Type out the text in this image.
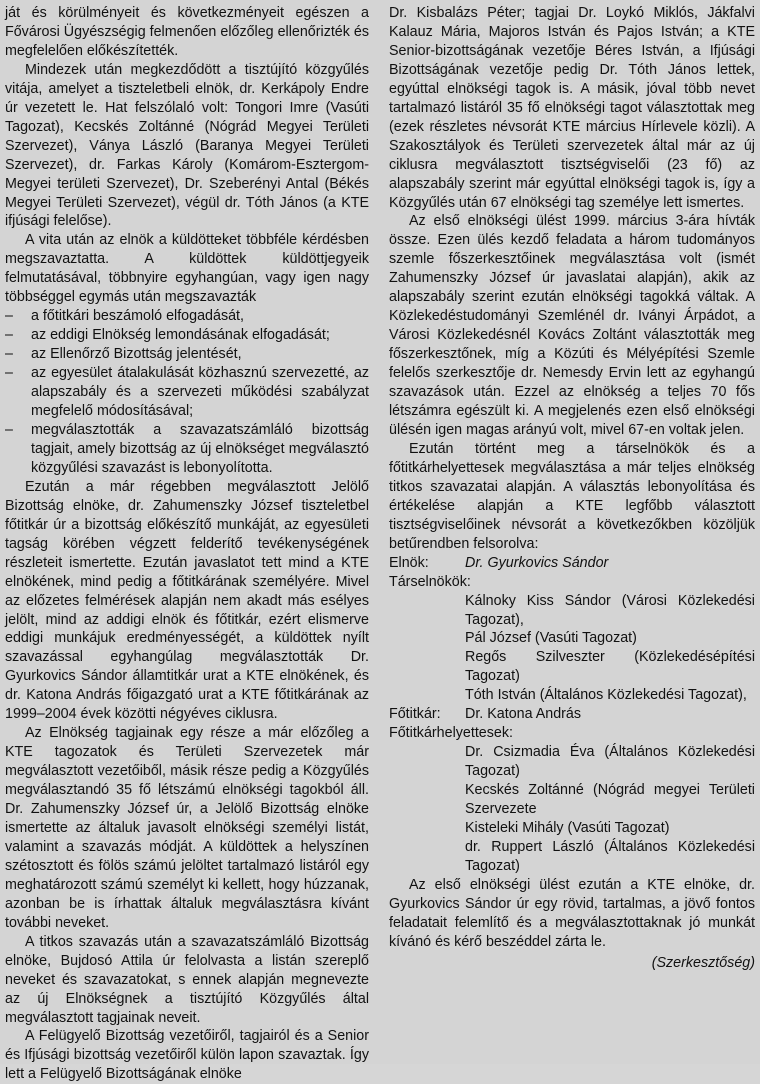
ját és körülményeit és következményeit egészen a Fővárosi Ügyészségig felmenően előzőleg ellenőrizték és megfelelően előkészítették.

Mindezek után megkezdődött a tisztújító közgyűlés vitája, amelyet a tiszteletbeli elnök, dr. Kerkápoly Endre úr vezetett le. Hat felszólaló volt: Tongori Imre (Vasúti Tagozat), Kecskés Zoltánné (Nógrád Megyei Területi Szervezet), Ványa László (Baranya Megyei Területi Szervezet), dr. Farkas Károly (Komárom-Esztergom-Megyei területi Szervezet), Dr. Szeberényi Antal (Békés Megyei Területi Szervezet), végül dr. Tóth János (a KTE ifjúsági felelőse).

A vita után az elnök a küldötteket többféle kérdésben megszavaztatta. A küldöttek küldöttjegyeik felmutatásával, többnyire egyhangúan, vagy igen nagy többséggel egymás után megszavazták

– a főtitkári beszámoló elfogadását,
– az eddigi Elnökség lemondásának elfogadását;
– az Ellenőrző Bizottság jelentését,
– az egyesület átalakulását közhasznú szervezetté, az alapszabály és a szervezeti működési szabályzat megfelelő módosításával;
– megválasztották a szavazatszámláló bizottság tagjait, amely bizottság az új elnökséget megválasztó közgyűlési szavazást is lebonyolította.

Ezután a már régebben megválasztott Jelölő Bizottság elnöke, dr. Zahumenszky József tiszteletbel főtitkár úr a bizottság előkészítő munkáját, az egyesületi tagság körében végzett felderítő tevékenységének részleteit ismertette. Ezután javaslatot tett mind a KTE elnökének, mind pedig a főtitkárának személyére. Mivel az előzetes felmérések alapján nem akadt más esélyes jelölt, mind az addigi elnök és főtitkár, ezért elismerve eddigi munkájuk eredményességét, a küldöttek nyílt szavazással egyhangúlag megválasztották Dr. Gyurkovics Sándor államtitkár urat a KTE elnökének, és dr. Katona András főigazgató urat a KTE főtitkárának az 1999–2004 évek közötti négyéves ciklusra.

Az Elnökség tagjainak egy része a már előzőleg a KTE tagozatok és Területi Szervezetek már megválasztott vezetőiből, másik része pedig a Közgyűlés megválasztandó 35 fő létszámú elnökségi tagokból áll. Dr. Zahumenszky József úr, a Jelölő Bizottság elnöke ismertette az általuk javasolt elnökségi személyi listát, valamint a szavazás módját. A küldöttek a helyszínen szétosztott és fölös számú jelöltet tartalmazó listáról egy meghatározott számú személyt ki kellett, hogy húzzanak, azonban be is írhattak általuk megválasztásra kívánt további neveket.

A titkos szavazás után a szavazatszámláló Bizottság elnöke, Bujdosó Attila úr felolvasta a listán szereplő neveket és szavazatokat, s ennek alapján megnevezte az új Elnökségnek a tisztújító Közgyűlés által megválasztott tagjainak neveit.

A Felügyelő Bizottság vezetőiről, tagjairól és a Senior és Ifjúsági bizottság vezetőiről külön lapon szavaztak. Így lett a Felügyelő Bizottságának elnöke

Dr. Kisbalázs Péter; tagjai Dr. Loykó Miklós, Jákfalvi Kalauz Mária, Majoros István és Pajos István; a KTE Senior-bizottságának vezetője Béres István, a Ifjúsági Bizottságának vezetője pedig Dr. Tóth János lettek, egyúttal elnökségi tagok is. A másik, jóval több nevet tartalmazó listáról 35 fő elnökségi tagot választottak meg (ezek részletes névsorát KTE március Hírlevele közli). A Szakosztályok és Területi szervezetek által már az új ciklusra megválasztott tisztségviselői (23 fő) az alapszabály szerint már egyúttal elnökségi tagok is, így a Közgyűlés után 67 elnökségi tag személye lett ismertes.

Az első elnökségi ülést 1999. március 3-ára hívták össze. Ezen ülés kezdő feladata a három tudományos szemle főszerkesztőinek megválasztása volt (ismét Zahumenszky József úr javaslatai alapján), akik az alapszabály szerint ezután elnökségi tagokká váltak. A Közlekedéstudományi Szemlénél dr. Iványi Árpádot, a Városi Közlekedésnél Kovács Zoltánt választották meg főszerkesztőnek, míg a Közúti és Mélyépítési Szemle felelős szerkesztője dr. Nemesdy Ervin lett az egyhangú szavazások után. Ezzel az elnökség a teljes 70 fős létszámra egészült ki. A megjelenés ezen első elnökségi ülésén igen magas arányú volt, mivel 67-en voltak jelen.

Ezután történt meg a társelnökök és a főtitkárhelyettesek megválasztása a már teljes elnökség titkos szavazatai alapján. A választás lebonyolítása és értékelése alapján a KTE legfőbb választott tisztségviselőinek névsorát a következőkben közöljük betűrendben felsorolva:

Elnök:	Dr. Gyurkovics Sándor
Társelnökök:

Kálnoky Kiss Sándor (Városi Közlekedési Tagozat),

Pál József (Vasúti Tagozat)

Regős Szilveszter (Közlekedésépítési Tagozat)

Tóth István (Általános Közlekedési Tagozat),

Főtitkár:	Dr. Katona András
Főtitkárhelyettesek:

Dr. Csizmadia Éva (Általános Közlekedési Tagozat)

Kecskés Zoltánné (Nógrád megyei Területi Szervezete

Kisteleki Mihály (Vasúti Tagozat)

dr. Ruppert László (Általános Közlekedési Tagozat)

Az első elnökségi ülést ezután a KTE elnöke, dr. Gyurkovics Sándor úr egy rövid, tartalmas, a jövő fontos feladatait felemlítő és a megválasztottaknak jó munkát kívánó és kérő beszéddel zárta le.

(Szerkesztőség)
